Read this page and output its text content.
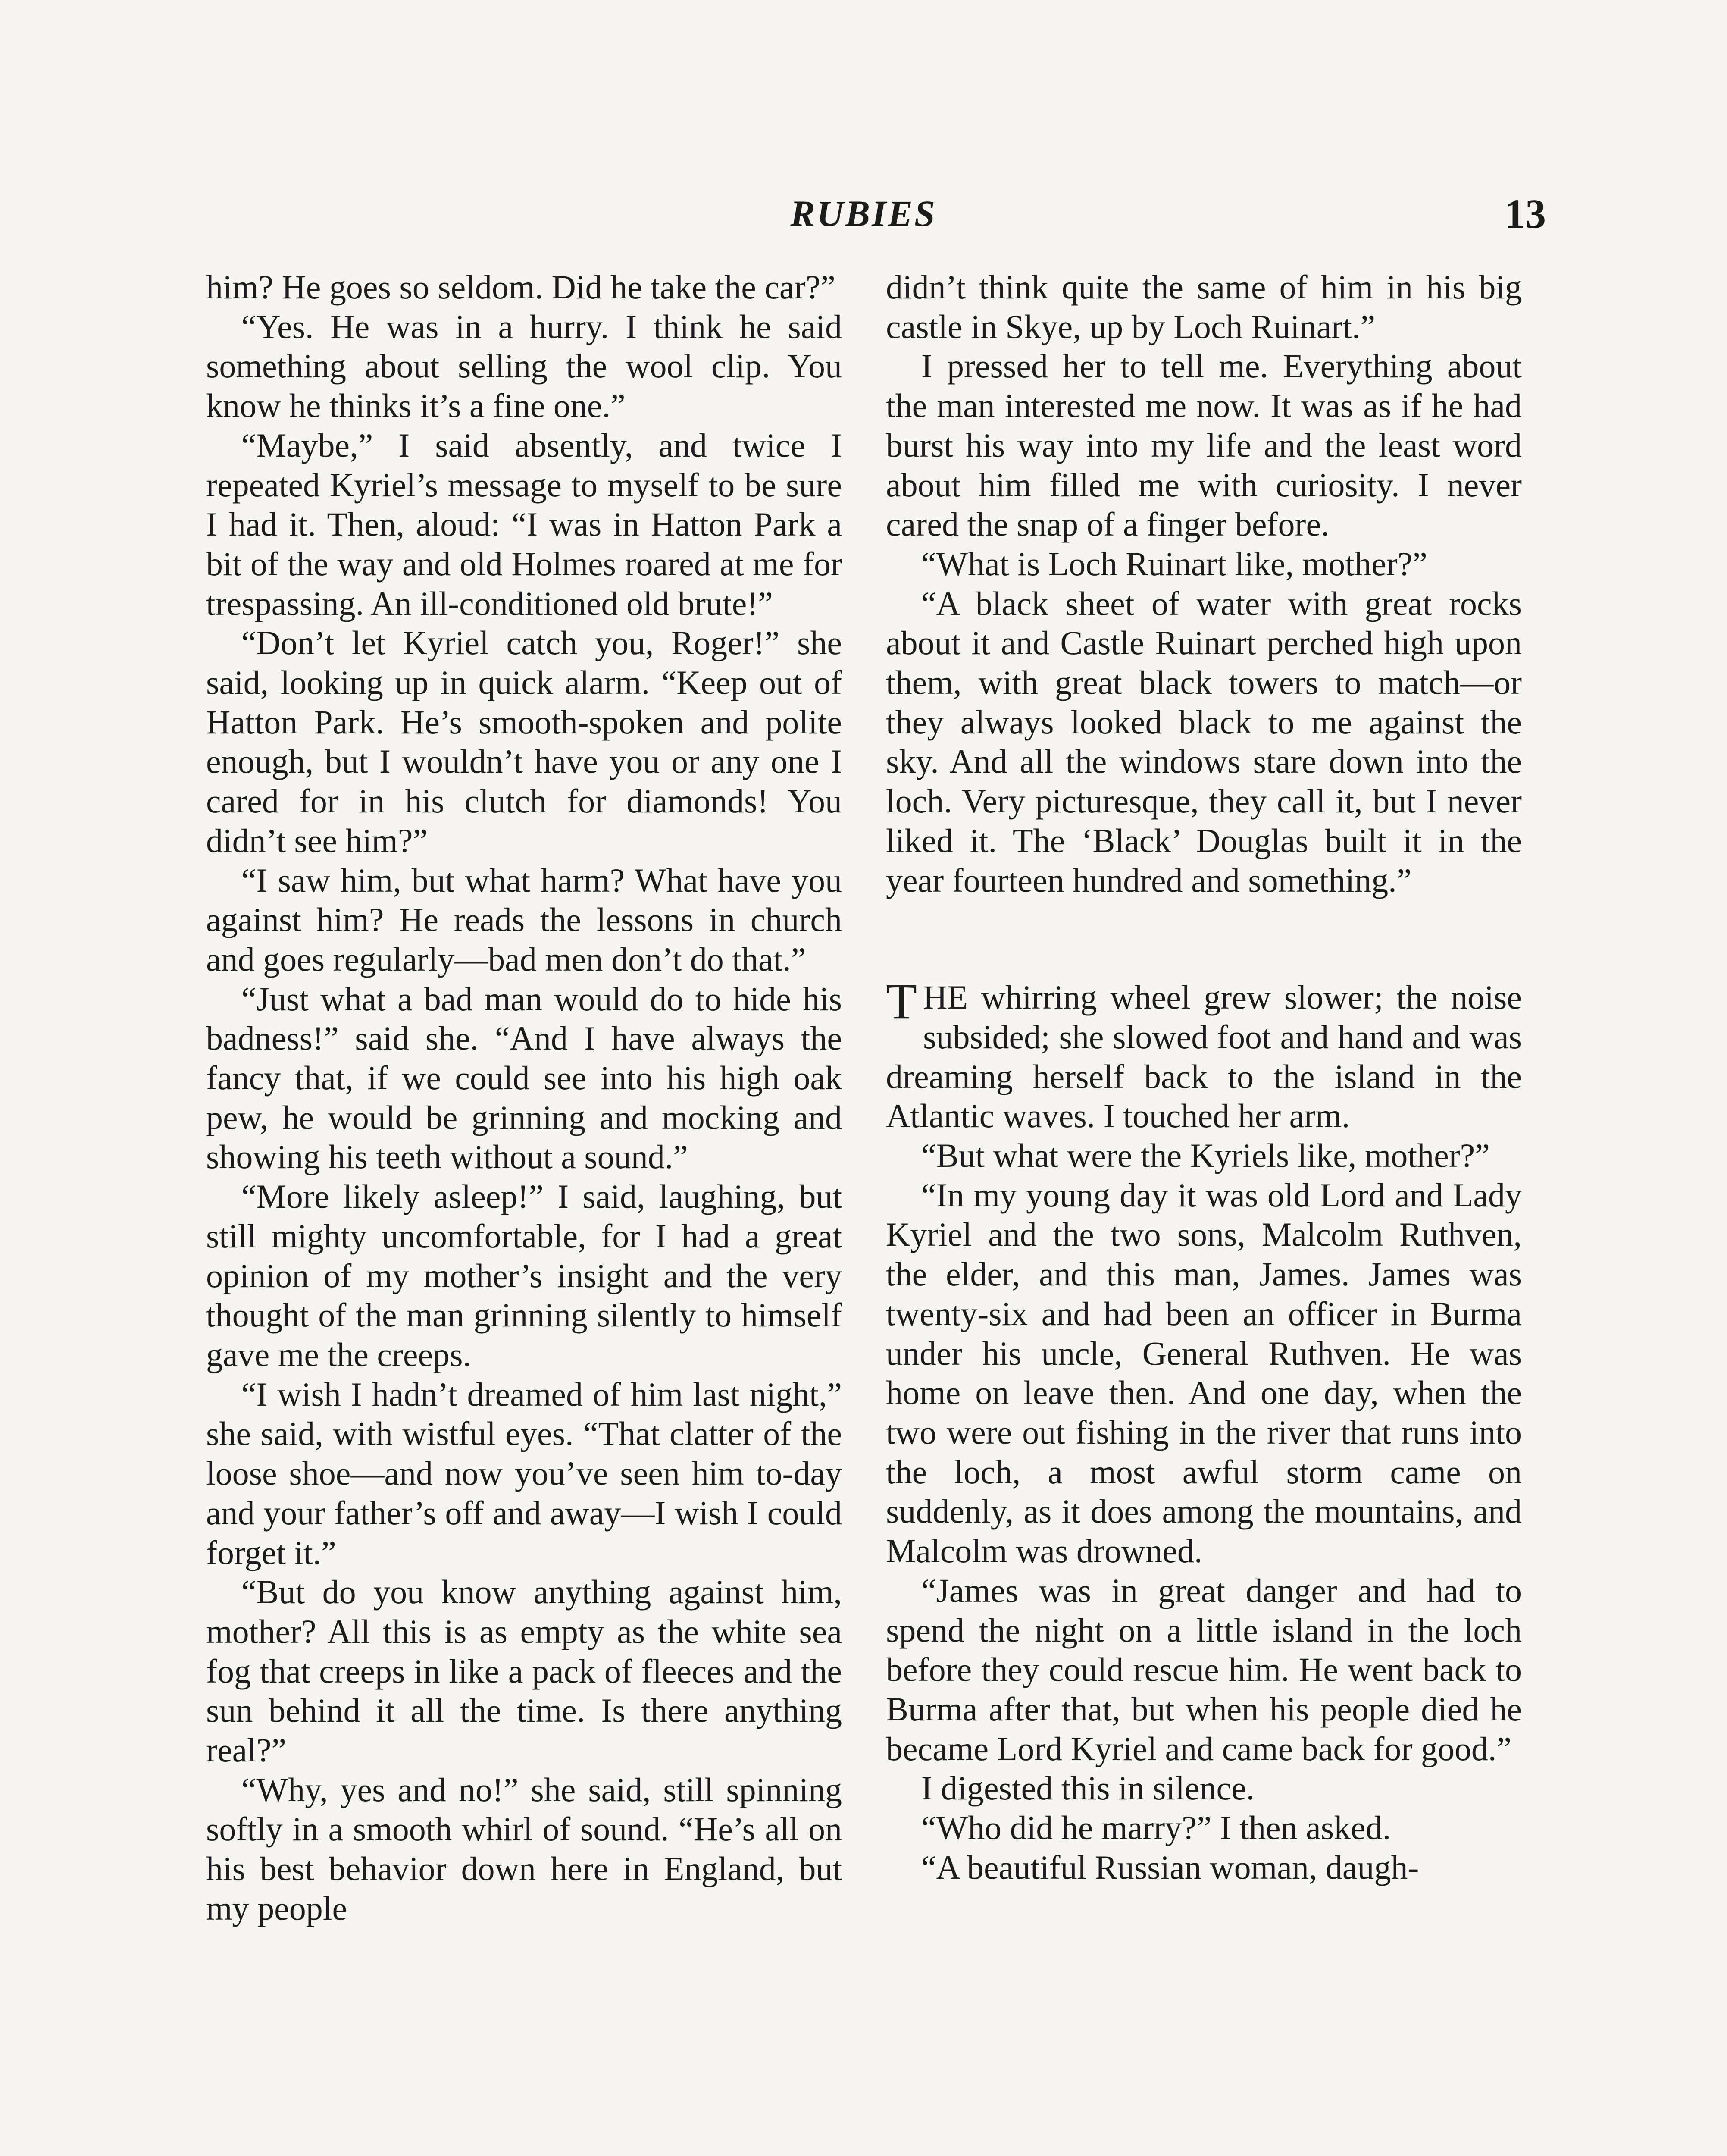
RUBIES	13

him? He goes so seldom. Did he take the car?”

“Yes. He was in a hurry. I think he said something about selling the wool clip. You know he thinks it’s a fine one.”

“Maybe,” I said absently, and twice I repeated Kyriel’s message to myself to be sure I had it. Then, aloud: “I was in Hatton Park a bit of the way and old Holmes roared at me for trespassing. An ill-conditioned old brute!”

“Don’t let Kyriel catch you, Roger!” she said, looking up in quick alarm. “Keep out of Hatton Park. He’s smooth-spoken and polite enough, but I wouldn’t have you or any one I cared for in his clutch for diamonds! You didn’t see him?”

“I saw him, but what harm? What have you against him? He reads the lessons in church and goes regularly—bad men don’t do that.”

“Just what a bad man would do to hide his badness!” said she. “And I have always the fancy that, if we could see into his high oak pew, he would be grinning and mocking and showing his teeth without a sound.”

“More likely asleep!” I said, laughing, but still mighty uncomfortable, for I had a great opinion of my mother’s insight and the very thought of the man grinning silently to himself gave me the creeps.

“I wish I hadn’t dreamed of him last night,” she said, with wistful eyes. “That clatter of the loose shoe—and now you’ve seen him to-day and your father’s off and away—I wish I could forget it.”

“But do you know anything against him, mother? All this is as empty as the white sea fog that creeps in like a pack of fleeces and the sun behind it all the time. Is there anything real?”

“Why, yes and no!” she said, still spinning softly in a smooth whirl of sound. “He’s all on his best behavior down here in England, but my people

didn’t think quite the same of him in his big castle in Skye, up by Loch Ruinart.”

I pressed her to tell me. Everything about the man interested me now. It was as if he had burst his way into my life and the least word about him filled me with curiosity. I never cared the snap of a finger before.

“What is Loch Ruinart like, mother?”

“A black sheet of water with great rocks about it and Castle Ruinart perched high upon them, with great black towers to match—or they always looked black to me against the sky. And all the windows stare down into the loch. Very picturesque, they call it, but I never liked it. The ‘Black’ Douglas built it in the year fourteen hundred and something.”

THE whirring wheel grew slower; the noise subsided; she slowed foot and hand and was dreaming herself back to the island in the Atlantic waves. I touched her arm.

“But what were the Kyriels like, mother?”

“In my young day it was old Lord and Lady Kyriel and the two sons, Malcolm Ruthven, the elder, and this man, James. James was twenty-six and had been an officer in Burma under his uncle, General Ruthven. He was home on leave then. And one day, when the two were out fishing in the river that runs into the loch, a most awful storm came on suddenly, as it does among the mountains, and Malcolm was drowned.

“James was in great danger and had to spend the night on a little island in the loch before they could rescue him. He went back to Burma after that, but when his people died he became Lord Kyriel and came back for good.”

I digested this in silence.

“Who did he marry?” I then asked.

“A beautiful Russian woman, daugh-
